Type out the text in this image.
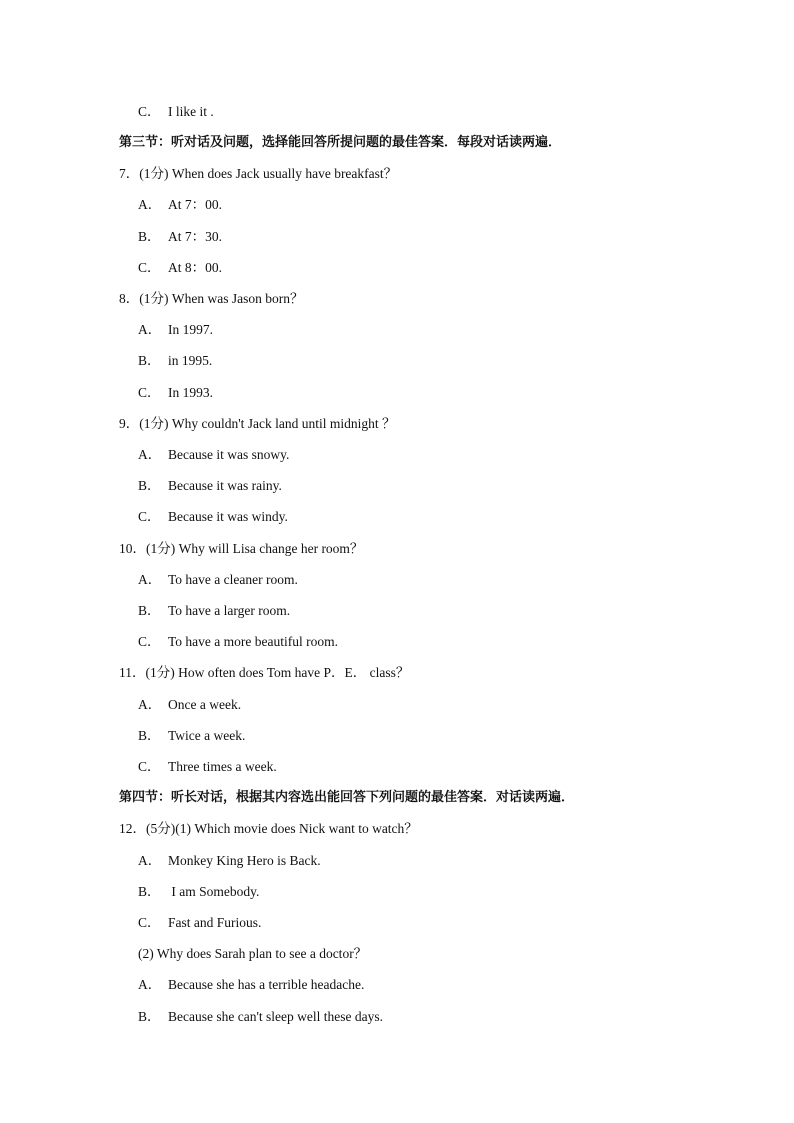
C． I like it .
第三节：听对话及问题，选择能回答所提问题的最佳答案．每段对话读两遍．
7．(1分) When does Jack usually have breakfast？
A． At 7：00.
B． At 7：30.
C． At 8：00.
8．(1分) When was Jason born？
A． In 1997.
B． in 1995.
C． In 1993.
9．(1分) Why couldn't Jack land until midnight ？
A． Because it was snowy.
B． Because it was rainy.
C． Because it was windy.
10．(1分) Why will Lisa change her room？
A． To have a cleaner room.
B． To have a larger room.
C． To have a more beautiful room.
11．(1分) How often does Tom have P．E． class？
A． Once a week.
B． Twice a week.
C． Three times a week.
第四节：听长对话，根据其内容选出能回答下列问题的最佳答案．对话读两遍．
12．(5分)(1) Which movie does Nick want to watch？
A． Monkey King Hero is Back.
B． I am Somebody.
C． Fast and Furious.
(2) Why does Sarah plan to see a doctor？
A． Because she has a terrible headache.
B． Because she can't sleep well these days.
